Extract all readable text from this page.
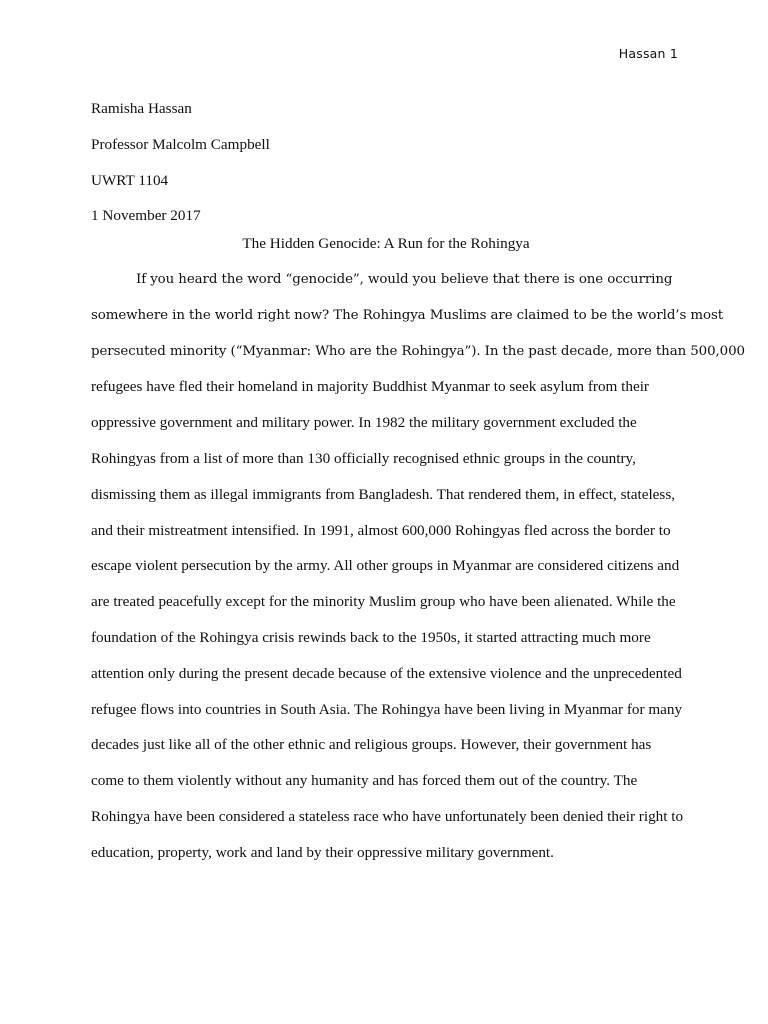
Hassan 1
Ramisha Hassan
Professor Malcolm Campbell
UWRT 1104
1 November 2017
The Hidden Genocide: A Run for the Rohingya
If you heard the word “genocide”, would you believe that there is one occurring
somewhere in the world right now? The Rohingya Muslims are claimed to be the world’s most
persecuted minority (“Myanmar: Who are the Rohingya”). In the past decade, more than 500,000
refugees have fled their homeland in majority Buddhist Myanmar to seek asylum from their
oppressive government and military power. In 1982 the military government excluded the
Rohingyas from a list of more than 130 officially recognised ethnic groups in the country,
dismissing them as illegal immigrants from Bangladesh. That rendered them, in effect, stateless,
and their mistreatment intensified. In 1991, almost 600,000 Rohingyas fled across the border to
escape violent persecution by the army. All other groups in Myanmar are considered citizens and
are treated peacefully except for the minority Muslim group who have been alienated. While the
foundation of the Rohingya crisis rewinds back to the 1950s, it started attracting much more
attention only during the present decade because of the extensive violence and the unprecedented
refugee flows into countries in South Asia. The Rohingya have been living in Myanmar for many
decades just like all of the other ethnic and religious groups. However, their government has
come to them violently without any humanity and has forced them out of the country. The
Rohingya have been considered a stateless race who have unfortunately been denied their right to
education, property, work and land by their oppressive military government.
